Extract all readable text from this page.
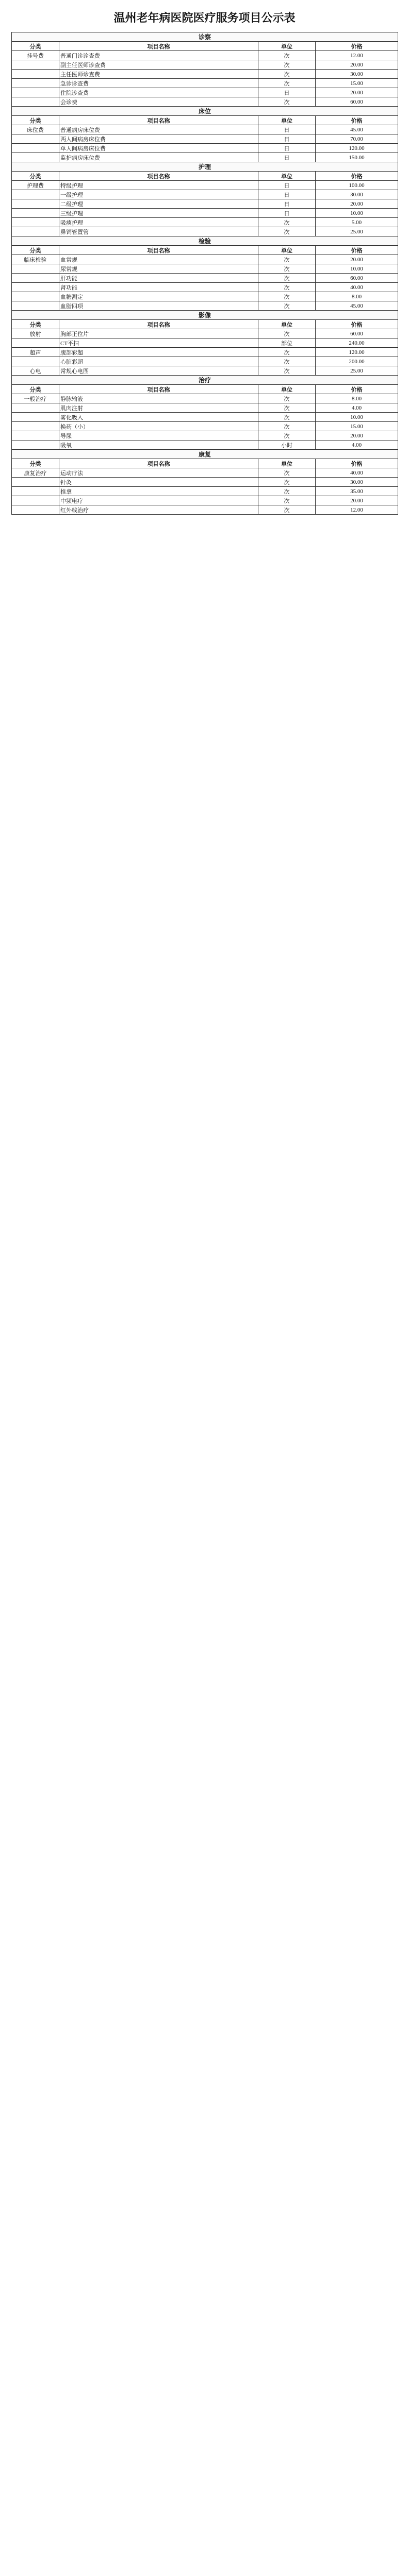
温州老年病医院医疗服务项目公示表
诊察			
分类	项目名称	单位	价格
挂号费	普通门诊诊查费	次	12.00
	副主任医师诊查费	次	20.00
	主任医师诊查费	次	30.00
	急诊诊查费	次	15.00
	住院诊查费	日	20.00
	会诊费	次	60.00
床位			
分类	项目名称	单位	价格
床位费	普通病房床位费	日	45.00
	两人间病房床位费	日	70.00
	单人间病房床位费	日	120.00
	监护病房床位费	日	150.00
护理			
分类	项目名称	单位	价格
护理费	特级护理	日	100.00
	一级护理	日	30.00
	二级护理	日	20.00
	三级护理	日	10.00
	吸痰护理	次	5.00
	鼻饲管置管	次	25.00
检验			
分类	项目名称	单位	价格
临床检验	血常规	次	20.00
	尿常规	次	10.00
	肝功能	次	60.00
	肾功能	次	40.00
	血糖测定	次	8.00
	血脂四项	次	45.00
影像			
分类	项目名称	单位	价格
放射	胸部正位片	次	60.00
	CT平扫	部位	240.00
超声	腹部彩超	次	120.00
	心脏彩超	次	200.00
心电	常规心电图	次	25.00
治疗			
分类	项目名称	单位	价格
一般治疗	静脉输液	次	8.00
	肌肉注射	次	4.00
	雾化吸入	次	10.00
	换药（小）	次	15.00
	导尿	次	20.00
	吸氧	小时	4.00
康复			
分类	项目名称	单位	价格
康复治疗	运动疗法	次	40.00
	针灸	次	30.00
	推拿	次	35.00
	中频电疗	次	20.00
	红外线治疗	次	12.00
